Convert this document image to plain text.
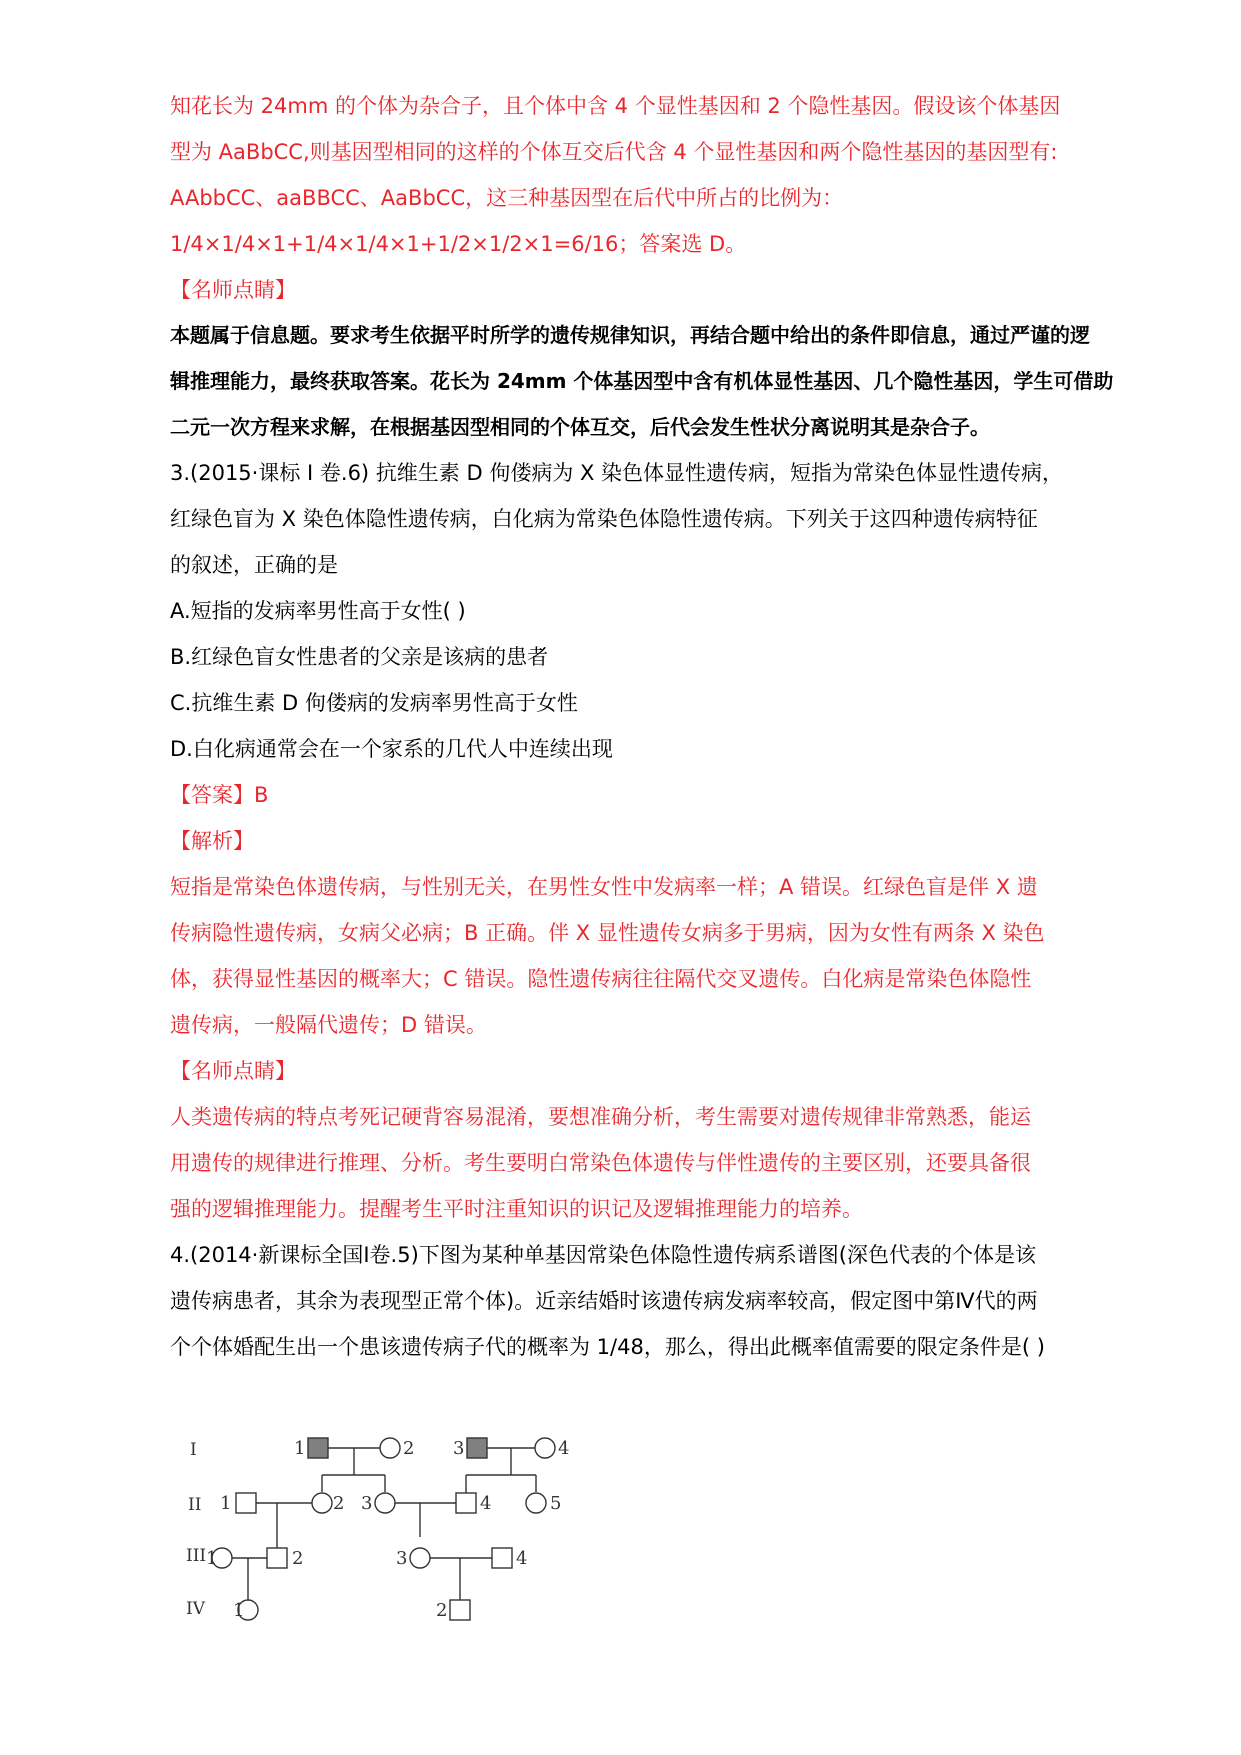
知花长为 24mm 的个体为杂合子，且个体中含 4 个显性基因和 2 个隐性基因。假设该个体基因
型为 AaBbCC,则基因型相同的这样的个体互交后代含 4 个显性基因和两个隐性基因的基因型有:
AAbbCC、aaBBCC、AaBbCC，这三种基因型在后代中所占的比例为：
1/4×1/4×1+1/4×1/4×1+1/2×1/2×1=6/16；答案选 D。
【名师点睛】
本题属于信息题。要求考生依据平时所学的遗传规律知识，再结合题中给出的条件即信息，通过严谨的逻
辑推理能力，最终获取答案。花长为 24mm 个体基因型中含有机体显性基因、几个隐性基因，学生可借助
二元一次方程来求解，在根据基因型相同的个体互交，后代会发生性状分离说明其是杂合子。
3.(2015·课标 I 卷.6) 抗维生素 D 佝偻病为 X 染色体显性遗传病，短指为常染色体显性遗传病，
红绿色盲为 X 染色体隐性遗传病，白化病为常染色体隐性遗传病。下列关于这四种遗传病特征
的叙述，正确的是
A.短指的发病率男性高于女性( )
B.红绿色盲女性患者的父亲是该病的患者
C.抗维生素 D 佝偻病的发病率男性高于女性
D.白化病通常会在一个家系的几代人中连续出现
【答案】B
【解析】
短指是常染色体遗传病，与性别无关，在男性女性中发病率一样；A 错误。红绿色盲是伴 X 遗
传病隐性遗传病，女病父必病；B 正确。伴 X 显性遗传女病多于男病，因为女性有两条 X 染色
体，获得显性基因的概率大；C 错误。隐性遗传病往往隔代交叉遗传。白化病是常染色体隐性
遗传病，一般隔代遗传；D 错误。
【名师点睛】
人类遗传病的特点考死记硬背容易混淆，要想准确分析，考生需要对遗传规律非常熟悉，能运
用遗传的规律进行推理、分析。考生要明白常染色体遗传与伴性遗传的主要区别，还要具备很
强的逻辑推理能力。提醒考生平时注重知识的识记及逻辑推理能力的培养。
4.(2014·新课标全国Ⅰ卷.5)下图为某种单基因常染色体隐性遗传病系谱图(深色代表的个体是该
遗传病患者，其余为表现型正常个体)。近亲结婚时该遗传病发病率较高，假定图中第Ⅳ代的两
个个体婚配生出一个患该遗传病子代的概率为 1/48，那么，得出此概率值需要的限定条件是( )
I
II
III
IV
1	2 3	4
1	2 3	4	5
1	2	3	4
1	2
